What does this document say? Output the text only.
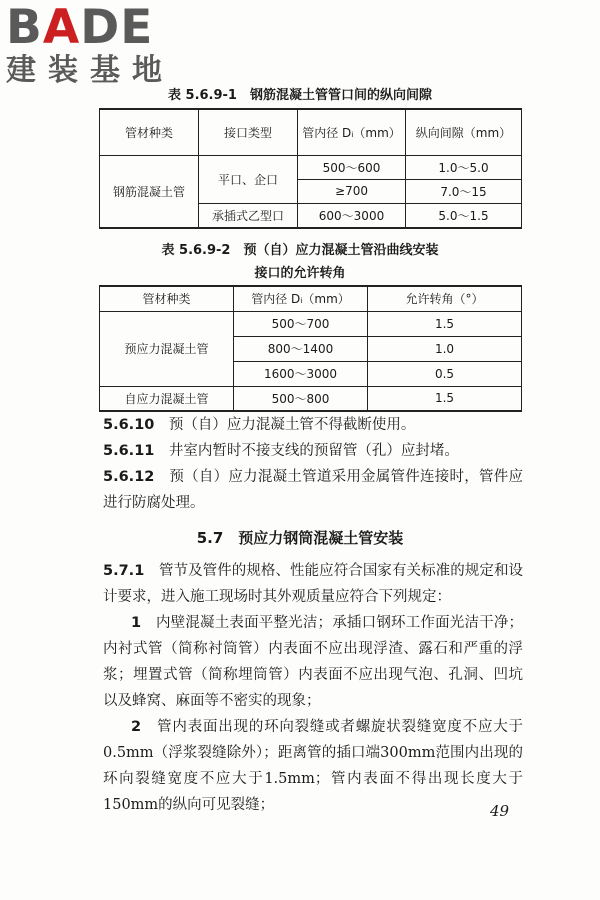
BADE
建装基地
表 5.6.9-1　钢筋混凝土管管口间的纵向间隙
管材种类	接口类型	管内径 Dᵢ（mm）	纵向间隙（mm）
钢筋混凝土管	平口、企口	500～600	1.0～5.0
		≥700	7.0～15
	承插式乙型口	600～3000	5.0～1.5
表 5.6.9-2　预（自）应力混凝土管沿曲线安装
接口的允许转角
管材种类	管内径 Dᵢ（mm）	允许转角（°）
预应力混凝土管	500～700	1.5
	800～1400	1.0
	1600～3000	0.5
自应力混凝土管	500～800	1.5
5.6.10　 预（自）应力混凝土管不得截断使用。
5.6.11　 井室内暂时不接支线的预留管（孔）应封堵。
5.6.12　 预（自）应力混凝土管道采用金属管件连接时，管件应进行防腐处理。
5.7　 预应力钢筒混凝土管安装
5.7.1　 管节及管件的规格、性能应符合国家有关标准的规定和设计要求，进入施工现场时其外观质量应符合下列规定：
1　 内壁混凝土表面平整光洁；承插口钢环工作面光洁干净；内衬式管（简称衬筒管）内表面不应出现浮渣、露石和严重的浮浆；埋置式管（简称埋筒管）内表面不应出现气泡、孔洞、凹坑以及蜂窝、麻面等不密实的现象；
2　 管内表面出现的环向裂缝或者螺旋状裂缝宽度不应大于0.5mm（浮浆裂缝除外）；距离管的插口端300mm范围内出现的环向裂缝宽度不应大于1.5mm；管内表面不得出现长度大于150mm的纵向可见裂缝；	49
